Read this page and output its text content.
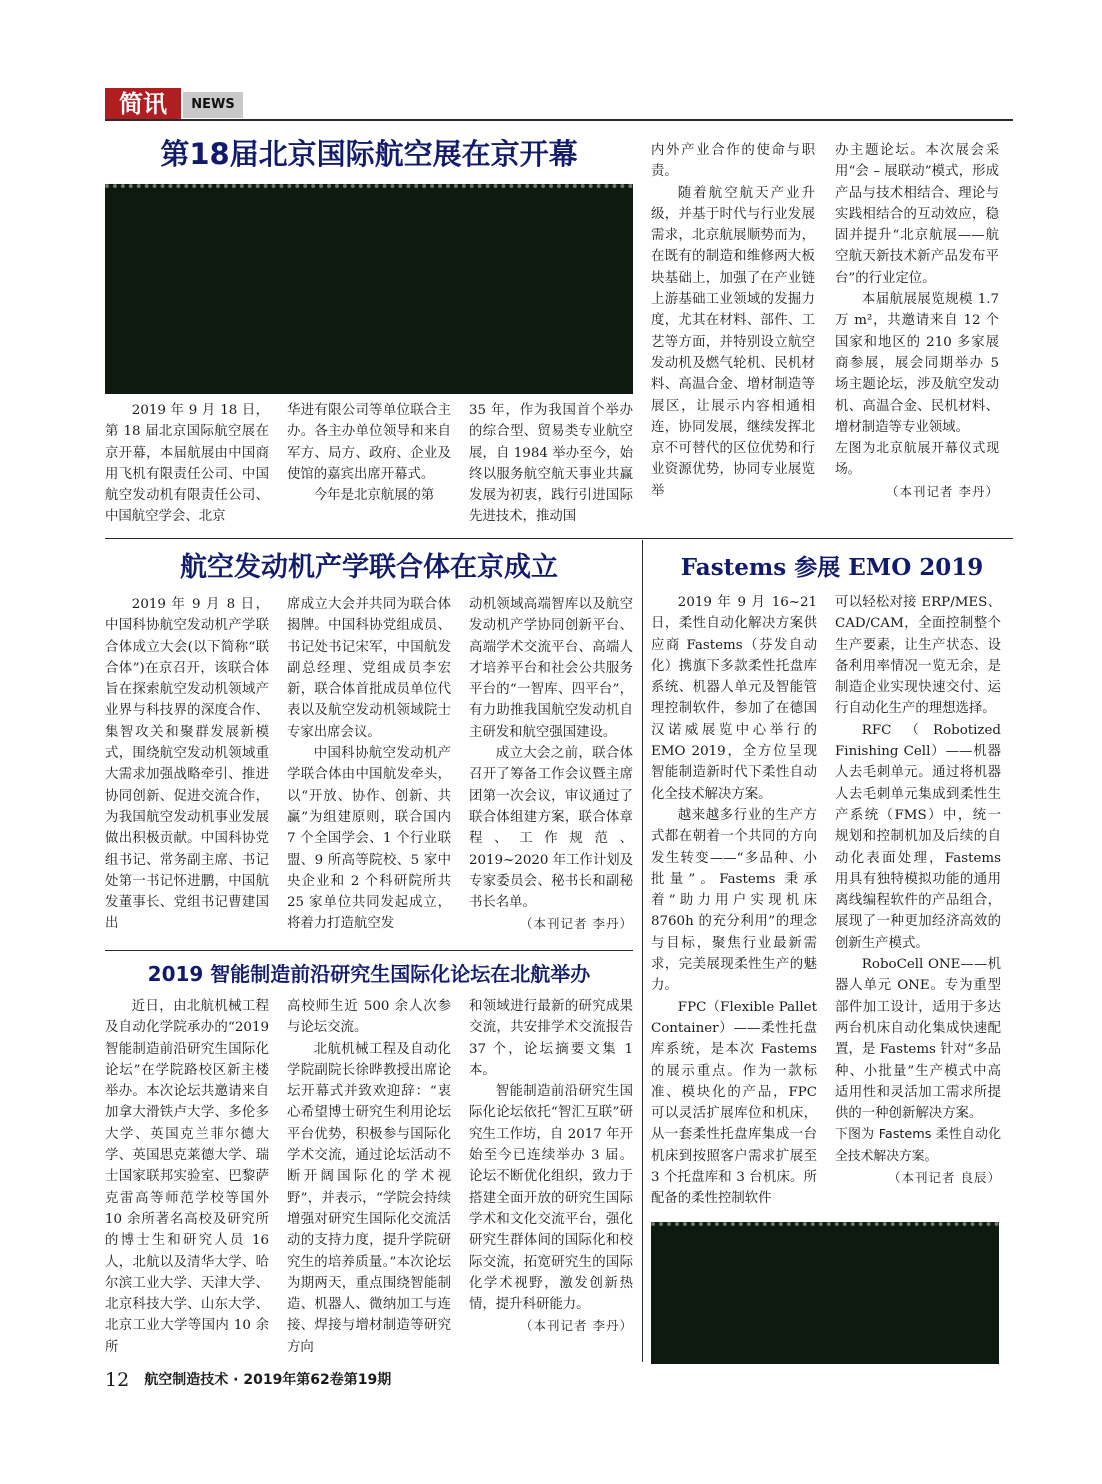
简讯	NEWS
第18届北京国际航空展在京开幕

2019 年 9 月 18 日，第 18 届北京国际航空展在京开幕，本届航展由中国商用飞机有限责任公司、中国航空发动机有限责任公司、中国航空学会、北京

华进有限公司等单位联合主办。各主办单位领导和来自军方、局方、政府、企业及使馆的嘉宾出席开幕式。

今年是北京航展的第

35 年，作为我国首个举办的综合型、贸易类专业航空展，自 1984 举办至今，始终以服务航空航天事业共赢发展为初衷，践行引进国际先进技术，推动国

内外产业合作的使命与职责。

随着航空航天产业升级，并基于时代与行业发展需求，北京航展顺势而为，在既有的制造和维修两大板块基础上，加强了在产业链上游基础工业领域的发掘力度，尤其在材料、部件、工艺等方面，并特别设立航空发动机及燃气轮机、民机材料、高温合金、增材制造等展区，让展示内容相通相连，协同发展，继续发挥北京不可替代的区位优势和行业资源优势，协同专业展览举

办主题论坛。本次展会采用“会 – 展联动”模式，形成产品与技术相结合、理论与实践相结合的互动效应，稳固并提升“北京航展——航空航天新技术新产品发布平台”的行业定位。

本届航展展览规模 1.7 万 m²，共邀请来自 12 个国家和地区的 210 多家展商参展，展会同期举办 5 场主题论坛，涉及航空发动机、高温合金、民机材料、增材制造等专业领域。

左图为北京航展开幕仪式现场。
（本刊记者 李丹）
航空发动机产学联合体在京成立

2019 年 9 月 8 日，中国科协航空发动机产学联合体成立大会(以下简称“联合体”)在京召开，该联合体旨在探索航空发动机领域产业界与科技界的深度合作、集智攻关和聚群发展新模式，围绕航空发动机领域重大需求加强战略牵引、推进协同创新、促进交流合作，为我国航空发动机事业发展做出积极贡献。中国科协党组书记、常务副主席、书记处第一书记怀进鹏，中国航发董事长、党组书记曹建国出

席成立大会并共同为联合体揭牌。中国科协党组成员、书记处书记宋军，中国航发副总经理、党组成员李宏新，联合体首批成员单位代表以及航空发动机领域院士专家出席会议。

中国科协航空发动机产学联合体由中国航发牵头，以“开放、协作、创新、共赢”为组建原则，联合国内 7 个全国学会、1 个行业联盟、9 所高等院校、5 家中央企业和 2 个科研院所共 25 家单位共同发起成立，将着力打造航空发

动机领域高端智库以及航空发动机产学协同创新平台、高端学术交流平台、高端人才培养平台和社会公共服务平台的“一智库、四平台”，有力助推我国航空发动机自主研发和航空强国建设。

成立大会之前，联合体召开了筹备工作会议暨主席团第一次会议，审议通过了联合体组建方案，联合体章程、工作规范、2019~2020 年工作计划及专家委员会、秘书长和副秘书长名单。

（本刊记者 李丹）
2019 智能制造前沿研究生国际化论坛在北航举办

近日，由北航机械工程及自动化学院承办的“2019 智能制造前沿研究生国际化论坛”在学院路校区新主楼举办。本次论坛共邀请来自加拿大滑铁卢大学、多伦多大学、英国克兰菲尔德大学、英国思克莱德大学、瑞士国家联邦实验室、巴黎萨克雷高等师范学校等国外 10 余所著名高校及研究所的博士生和研究人员 16 人，北航以及清华大学、哈尔滨工业大学、天津大学、北京科技大学、山东大学、北京工业大学等国内 10 余所

高校师生近 500 余人次参与论坛交流。

北航机械工程及自动化学院副院长徐晔教授出席论坛开幕式并致欢迎辞：“衷心希望博士研究生利用论坛平台优势，积极参与国际化学术交流，通过论坛活动不断开阔国际化的学术视野”，并表示，“学院会持续增强对研究生国际化交流活动的支持力度，提升学院研究生的培养质量。”本次论坛为期两天，重点围绕智能制造、机器人、微纳加工与连接、焊接与增材制造等研究方向

和领域进行最新的研究成果交流，共安排学术交流报告 37 个，论坛摘要文集 1 本。

智能制造前沿研究生国际化论坛依托“智汇互联”研究生工作坊，自 2017 年开始至今已连续举办 3 届。论坛不断优化组织，致力于搭建全面开放的研究生国际学术和文化交流平台，强化研究生群体间的国际化和校际交流，拓宽研究生的国际化学术视野，激发创新热情，提升科研能力。

（本刊记者 李丹）
Fastems 参展 EMO 2019

2019 年 9 月 16~21 日，柔性自动化解决方案供应商 Fastems（芬发自动化）携旗下多款柔性托盘库系统、机器人单元及智能管理控制软件，参加了在德国汉诺威展览中心举行的 EMO 2019，全方位呈现智能制造新时代下柔性自动化全技术解决方案。

越来越多行业的生产方式都在朝着一个共同的方向发生转变——“多品种、小批量”。Fastems 秉承着“助力用户实现机床 8760h 的充分利用”的理念与目标，聚焦行业最新需求，完美展现柔性生产的魅力。

FPC（Flexible Pallet Container）——柔性托盘库系统，是本次 Fastems 的展示重点。作为一款标准、模块化的产品，FPC 可以灵活扩展库位和机床，从一套柔性托盘库集成一台机床到按照客户需求扩展至 3 个托盘库和 3 台机床。所配备的柔性控制软件

可以轻松对接 ERP/MES、CAD/CAM，全面控制整个生产要素，让生产状态、设备利用率情况一览无余，是制造企业实现快速交付、运行自动化生产的理想选择。

RFC（Robotized Finishing Cell）——机器人去毛刺单元。通过将机器人去毛刺单元集成到柔性生产系统（FMS）中，统一规划和控制机加及后续的自动化表面处理，Fastems 用具有独特模拟功能的通用离线编程软件的产品组合，展现了一种更加经济高效的创新生产模式。

RoboCell ONE——机器人单元 ONE。专为重型部件加工设计，适用于多达两台机床自动化集成快速配置，是 Fastems 针对“多品种、小批量”生产模式中高适用性和灵活加工需求所提供的一种创新解决方案。

下图为 Fastems 柔性自动化全技术解决方案。
（本刊记者 良辰）
12 航空制造技术 · 2019年第62卷第19期
